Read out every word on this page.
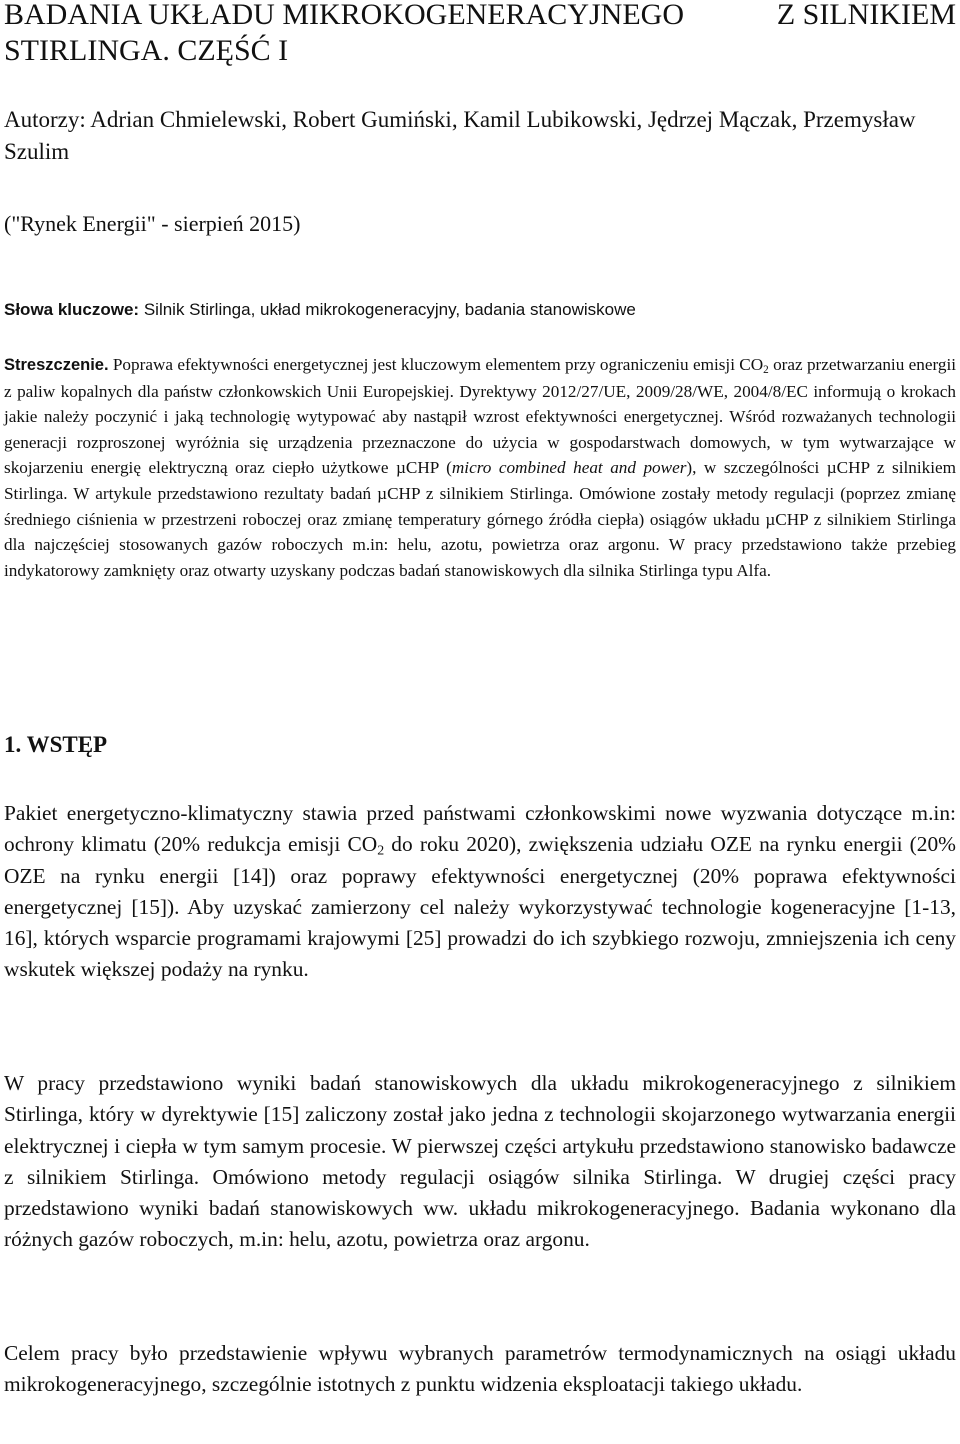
BADANIA UKŁADU MIKROKOGENERACYJNEGO	Z SILNIKIEM
STIRLINGA. CZĘŚĆ I

Autorzy: Adrian Chmielewski, Robert Gumiński, Kamil Lubikowski, Jędrzej Mączak, Przemysław Szulim

("Rynek Energii" - sierpień 2015)

Słowa kluczowe: Silnik Stirlinga, układ mikrokogeneracyjny, badania stanowiskowe

Streszczenie. Poprawa efektywności energetycznej jest kluczowym elementem przy ograniczeniu emisji $CO_2$ oraz przetwarzaniu energii z paliw kopalnych dla państw członkowskich Unii Europejskiej. Dyrektywy 2012/27/UE, 2009/28/WE, 2004/8/EC informują o krokach jakie należy poczynić i jaką technologię wytypować aby nastąpił wzrost efektywności energetycznej. Wśród rozważanych technologii generacji rozproszonej wyróżnia się urządzenia przeznaczone do użycia w gospodarstwach domowych, w tym wytwarzające w skojarzeniu energię elektryczną oraz ciepło użytkowe µCHP (micro combined heat and power), w szczególności µCHP z silnikiem Stirlinga. W artykule przedstawiono rezultaty badań µCHP z silnikiem Stirlinga. Omówione zostały metody regulacji (poprzez zmianę średniego ciśnienia w przestrzeni roboczej oraz zmianę temperatury górnego źródła ciepła) osiągów układu µCHP z silnikiem Stirlinga dla najczęściej stosowanych gazów roboczych m.in: helu, azotu, powietrza oraz argonu. W pracy przedstawiono także przebieg indykatorowy zamknięty oraz otwarty uzyskany podczas badań stanowiskowych dla silnika Stirlinga typu Alfa.

1. WSTĘP

Pakiet energetyczno-klimatyczny stawia przed państwami członkowskimi nowe wyzwania dotyczące m.in: ochrony klimatu (20% redukcja emisji $CO_2$ do roku 2020), zwiększenia udziału OZE na rynku energii (20% OZE na rynku energii [14]) oraz poprawy efektywności energetycznej (20% poprawa efektywności energetycznej [15]). Aby uzyskać zamierzony cel należy wykorzystywać technologie kogeneracyjne [1-13, 16], których wsparcie programami krajowymi [25] prowadzi do ich szybkiego rozwoju, zmniejszenia ich ceny wskutek większej podaży na rynku.

W pracy przedstawiono wyniki badań stanowiskowych dla układu mikrokogeneracyjnego z silnikiem Stirlinga, który w dyrektywie [15] zaliczony został jako jedna z technologii skojarzonego wytwarzania energii elektrycznej i ciepła w tym samym procesie. W pierwszej części artykułu przedstawiono stanowisko badawcze z silnikiem Stirlinga. Omówiono metody regulacji osiągów silnika Stirlinga. W drugiej części pracy przedstawiono wyniki badań stanowiskowych ww. układu mikrokogeneracyjnego. Badania wykonano dla różnych gazów roboczych, m.in: helu, azotu, powietrza oraz argonu.

Celem pracy było przedstawienie wpływu wybranych parametrów termodynamicznych na osiągi układu mikrokogeneracyjnego, szczególnie istotnych z punktu widzenia eksploatacji takiego układu.
